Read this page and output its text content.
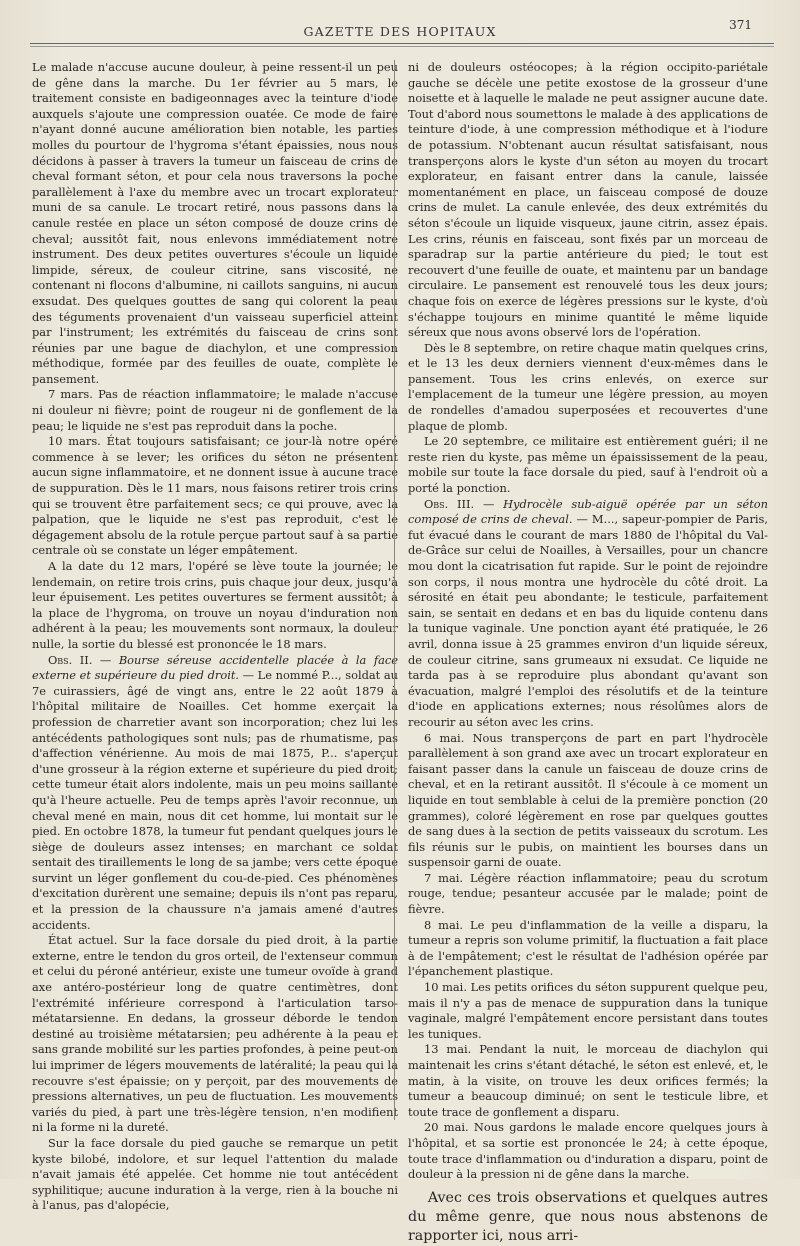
GAZETTE DES HOPITAUX	371

Le malade n'accuse aucune douleur, à peine ressent-il un peu de gêne dans la marche. Du 1er février au 5 mars, le traitement consiste en badigeonnages avec la teinture d'iode auxquels s'ajoute une compression ouatée. Ce mode de faire n'ayant donné aucune amélioration bien notable, les parties molles du pourtour de l'hygroma s'étant épaissies, nous nous décidons à passer à travers la tumeur un faisceau de crins de cheval formant séton, et pour cela nous traversons la poche parallèlement à l'axe du membre avec un trocart explorateur muni de sa canule. Le trocart retiré, nous passons dans la canule restée en place un séton composé de douze crins de cheval; aussitôt fait, nous enlevons immédiatement notre instrument. Des deux petites ouvertures s'écoule un liquide limpide, séreux, de couleur citrine, sans viscosité, ne contenant ni flocons d'albumine, ni caillots sanguins, ni aucun exsudat. Des quelques gouttes de sang qui colorent la peau des téguments provenaient d'un vaisseau superficiel atteint par l'instrument; les extrémités du faisceau de crins sont réunies par une bague de diachylon, et une compression méthodique, formée par des feuilles de ouate, complète le pansement.

7 mars. Pas de réaction inflammatoire; le malade n'accuse ni douleur ni fièvre; point de rougeur ni de gonflement de la peau; le liquide ne s'est pas reproduit dans la poche.

10 mars. État toujours satisfaisant; ce jour-là notre opéré commence à se lever; les orifices du séton ne présentent aucun signe inflammatoire, et ne donnent issue à aucune trace de suppuration. Dès le 11 mars, nous faisons retirer trois crins qui se trouvent être parfaitement secs; ce qui prouve, avec la palpation, que le liquide ne s'est pas reproduit, c'est le dégagement absolu de la rotule perçue partout sauf à sa partie centrale où se constate un léger empâtement.

A la date du 12 mars, l'opéré se lève toute la journée; le lendemain, on retire trois crins, puis chaque jour deux, jusqu'à leur épuisement. Les petites ouvertures se ferment aussitôt; à la place de l'hygroma, on trouve un noyau d'induration non adhérent à la peau; les mouvements sont normaux, la douleur nulle, la sortie du blessé est prononcée le 18 mars.

Obs. II. — Bourse séreuse accidentelle placée à la face externe et supérieure du pied droit. — Le nommé P..., soldat au 7e cuirassiers, âgé de vingt ans, entre le 22 août 1879 à l'hôpital militaire de Noailles. Cet homme exerçait la profession de charretier avant son incorporation; chez lui les antécédents pathologiques sont nuls; pas de rhumatisme, pas d'affection vénérienne. Au mois de mai 1875, P... s'aperçut d'une grosseur à la région externe et supérieure du pied droit; cette tumeur était alors indolente, mais un peu moins saillante qu'à l'heure actuelle. Peu de temps après l'avoir reconnue, un cheval mené en main, nous dit cet homme, lui montait sur le pied. En octobre 1878, la tumeur fut pendant quelques jours le siège de douleurs assez intenses; en marchant ce soldat sentait des tiraillements le long de sa jambe; vers cette époque survint un léger gonflement du cou-de-pied. Ces phénomènes d'excitation durèrent une semaine; depuis ils n'ont pas reparu, et la pression de la chaussure n'a jamais amené d'autres accidents.

État actuel. Sur la face dorsale du pied droit, à la partie externe, entre le tendon du gros orteil, de l'extenseur commun et celui du péroné antérieur, existe une tumeur ovoïde à grand axe antéro-postérieur long de quatre centimètres, dont l'extrémité inférieure correspond à l'articulation tarso-métatarsienne. En dedans, la grosseur déborde le tendon destiné au troisième métatarsien; peu adhérente à la peau et sans grande mobilité sur les parties profondes, à peine peut-on lui imprimer de légers mouvements de latéralité; la peau qui la recouvre s'est épaissie; on y perçoit, par des mouvements de pressions alternatives, un peu de fluctuation. Les mouvements variés du pied, à part une très-légère tension, n'en modifient ni la forme ni la dureté.

Sur la face dorsale du pied gauche se remarque un petit kyste bilobé, indolore, et sur lequel l'attention du malade n'avait jamais été appelée. Cet homme nie tout antécédent syphilitique; aucune induration à la verge, rien à la bouche ni à l'anus, pas d'alopécie,

ni de douleurs ostéocopes; à la région occipito-pariétale gauche se décèle une petite exostose de la grosseur d'une noisette et à laquelle le malade ne peut assigner aucune date. Tout d'abord nous soumettons le malade à des applications de teinture d'iode, à une compression méthodique et à l'iodure de potassium. N'obtenant aucun résultat satisfaisant, nous transperçons alors le kyste d'un séton au moyen du trocart explorateur, en faisant entrer dans la canule, laissée momentanément en place, un faisceau composé de douze crins de mulet. La canule enlevée, des deux extrémités du séton s'écoule un liquide visqueux, jaune citrin, assez épais. Les crins, réunis en faisceau, sont fixés par un morceau de sparadrap sur la partie antérieure du pied; le tout est recouvert d'une feuille de ouate, et maintenu par un bandage circulaire. Le pansement est renouvelé tous les deux jours; chaque fois on exerce de légères pressions sur le kyste, d'où s'échappe toujours en minime quantité le même liquide séreux que nous avons observé lors de l'opération.

Dès le 8 septembre, on retire chaque matin quelques crins, et le 13 les deux derniers viennent d'eux-mêmes dans le pansement. Tous les crins enlevés, on exerce sur l'emplacement de la tumeur une légère pression, au moyen de rondelles d'amadou superposées et recouvertes d'une plaque de plomb.

Le 20 septembre, ce militaire est entièrement guéri; il ne reste rien du kyste, pas même un épaississement de la peau, mobile sur toute la face dorsale du pied, sauf à l'endroit où a porté la ponction.

Obs. III. — Hydrocèle sub-aiguë opérée par un séton composé de crins de cheval. — M..., sapeur-pompier de Paris, fut évacué dans le courant de mars 1880 de l'hôpital du Val-de-Grâce sur celui de Noailles, à Versailles, pour un chancre mou dont la cicatrisation fut rapide. Sur le point de rejoindre son corps, il nous montra une hydrocèle du côté droit. La sérosité en était peu abondante; le testicule, parfaitement sain, se sentait en dedans et en bas du liquide contenu dans la tunique vaginale. Une ponction ayant été pratiquée, le 26 avril, donna issue à 25 grammes environ d'un liquide séreux, de couleur citrine, sans grumeaux ni exsudat. Ce liquide ne tarda pas à se reproduire plus abondant qu'avant son évacuation, malgré l'emploi des résolutifs et de la teinture d'iode en applications externes; nous résolûmes alors de recourir au séton avec les crins.

6 mai. Nous transperçons de part en part l'hydrocèle parallèlement à son grand axe avec un trocart explorateur en faisant passer dans la canule un faisceau de douze crins de cheval, et en la retirant aussitôt. Il s'écoule à ce moment un liquide en tout semblable à celui de la première ponction (20 grammes), coloré légèrement en rose par quelques gouttes de sang dues à la section de petits vaisseaux du scrotum. Les fils réunis sur le pubis, on maintient les bourses dans un suspensoir garni de ouate.

7 mai. Légère réaction inflammatoire; peau du scrotum rouge, tendue; pesanteur accusée par le malade; point de fièvre.

8 mai. Le peu d'inflammation de la veille a disparu, la tumeur a repris son volume primitif, la fluctuation a fait place à de l'empâtement; c'est le résultat de l'adhésion opérée par l'épanchement plastique.

10 mai. Les petits orifices du séton suppurent quelque peu, mais il n'y a pas de menace de suppuration dans la tunique vaginale, malgré l'empâtement encore persistant dans toutes les tuniques.

13 mai. Pendant la nuit, le morceau de diachylon qui maintenait les crins s'étant détaché, le séton est enlevé, et, le matin, à la visite, on trouve les deux orifices fermés; la tumeur a beaucoup diminué; on sent le testicule libre, et toute trace de gonflement a disparu.

20 mai. Nous gardons le malade encore quelques jours à l'hôpital, et sa sortie est prononcée le 24; à cette époque, toute trace d'inflammation ou d'induration a disparu, point de douleur à la pression ni de gêne dans la marche.

Avec ces trois observations et quelques autres du même genre, que nous nous abstenons de rapporter ici, nous arri-
